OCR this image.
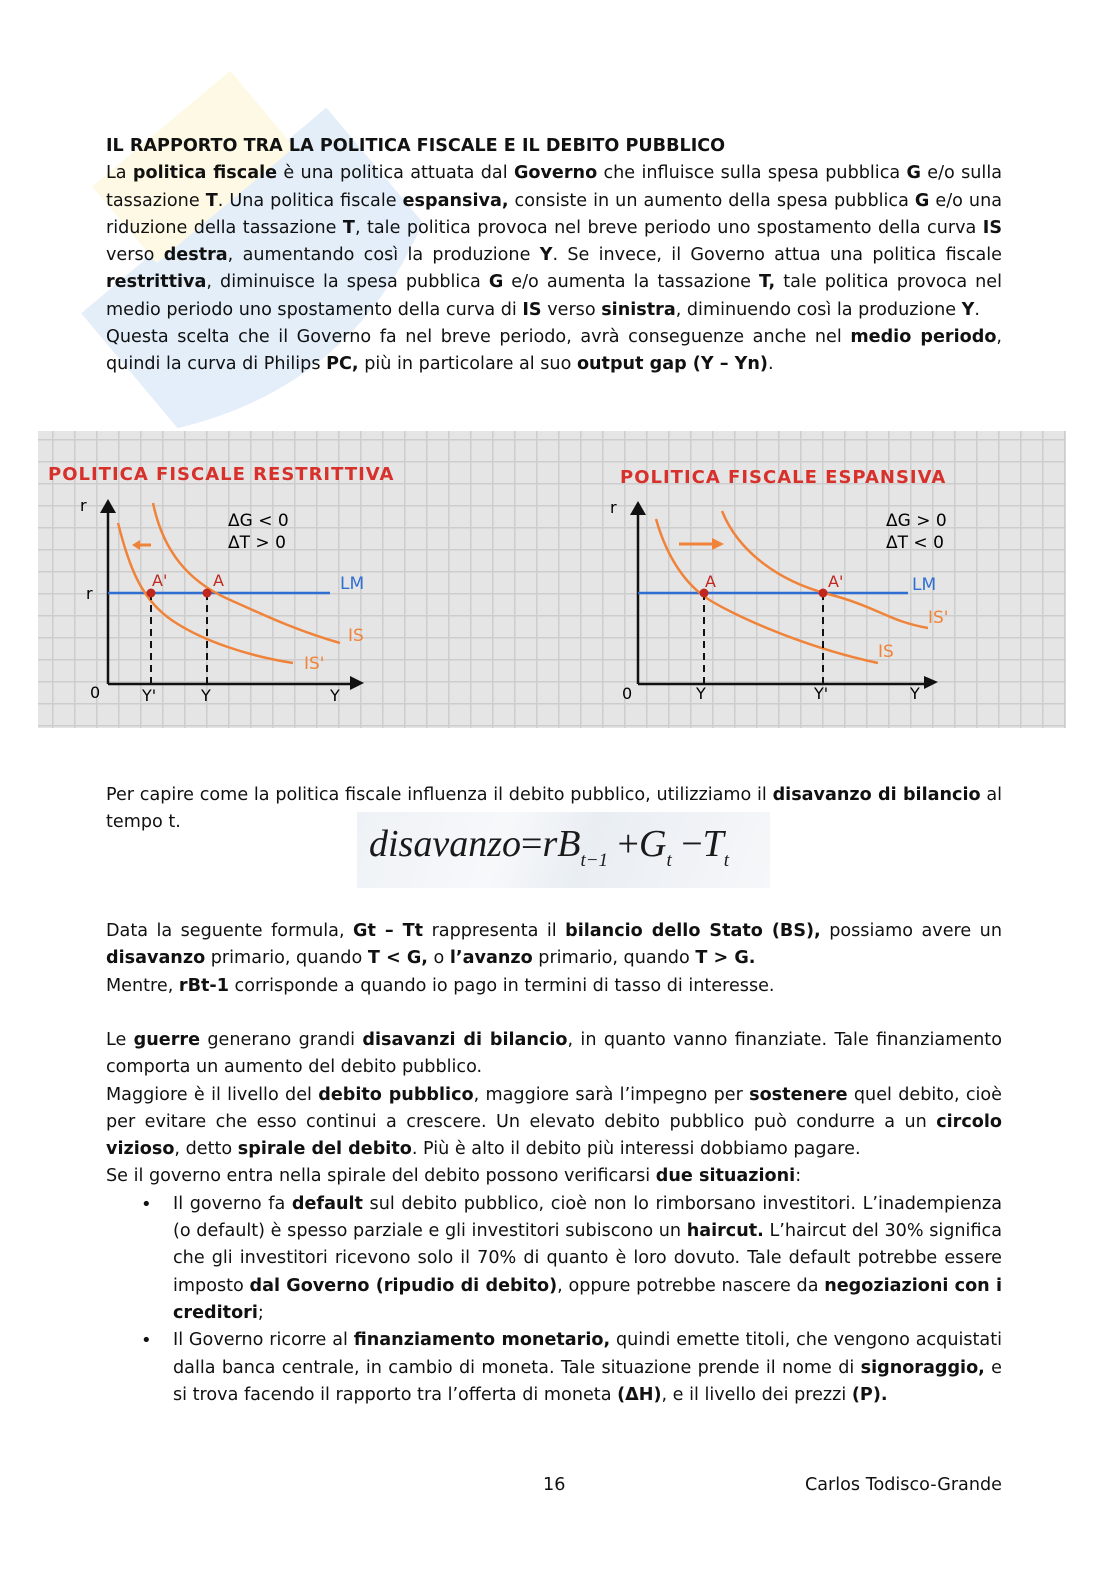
IL RAPPORTO TRA LA POLITICA FISCALE E IL DEBITO PUBBLICO
La politica fiscale è una politica attuata dal Governo che influisce sulla spesa pubblica G e/o sulla tassazione T. Una politica fiscale espansiva, consiste in un aumento della spesa pubblica G e/o una riduzione della tassazione T, tale politica provoca nel breve periodo uno spostamento della curva IS verso destra, aumentando così la produzione Y. Se invece, il Governo attua una politica fiscale restrittiva, diminuisce la spesa pubblica G e/o aumenta la tassazione T, tale politica provoca nel medio periodo uno spostamento della curva di IS verso sinistra, diminuendo così la produzione Y.
Questa scelta che il Governo fa nel breve periodo, avrà conseguenze anche nel medio periodo, quindi la curva di Philips PC, più in particolare al suo output gap (Y – Yn).
POLITICA FISCALE RESTRITTIVA
ΔG < 0
ΔT > 0
r
r
0	Y
LM
IS
IS'
A'	A
Y'	Y
POLITICA FISCALE ESPANSIVA
ΔG > 0
ΔT < 0
r
0	Y
LM
IS'
IS
A	A'
Y	Y'
Per capire come la politica fiscale influenza il debito pubblico, utilizziamo il disavanzo di bilancio al tempo t.
$disavanzo=rB_{t-1} +G_t -T_t$
Data la seguente formula, Gt – Tt rappresenta il bilancio dello Stato (BS), possiamo avere un disavanzo primario, quando T < G, o l’avanzo primario, quando T > G.
Mentre, rBt-1 corrisponde a quando io pago in termini di tasso di interesse.
Le guerre generano grandi disavanzi di bilancio, in quanto vanno finanziate. Tale finanziamento comporta un aumento del debito pubblico.
Maggiore è il livello del debito pubblico, maggiore sarà l’impegno per sostenere quel debito, cioè per evitare che esso continui a crescere. Un elevato debito pubblico può condurre a un circolo vizioso, detto spirale del debito. Più è alto il debito più interessi dobbiamo pagare.
Se il governo entra nella spirale del debito possono verificarsi due situazioni:
• Il governo fa default sul debito pubblico, cioè non lo rimborsano investitori. L’inadempienza (o default) è spesso parziale e gli investitori subiscono un haircut. L’haircut del 30% significa che gli investitori ricevono solo il 70% di quanto è loro dovuto. Tale default potrebbe essere imposto dal Governo (ripudio di debito), oppure potrebbe nascere da negoziazioni con i creditori;
• Il Governo ricorre al finanziamento monetario, quindi emette titoli, che vengono acquistati dalla banca centrale, in cambio di moneta. Tale situazione prende il nome di signoraggio, e si trova facendo il rapporto tra l’offerta di moneta (ΔH), e il livello dei prezzi (P).
16	Carlos Todisco-Grande
